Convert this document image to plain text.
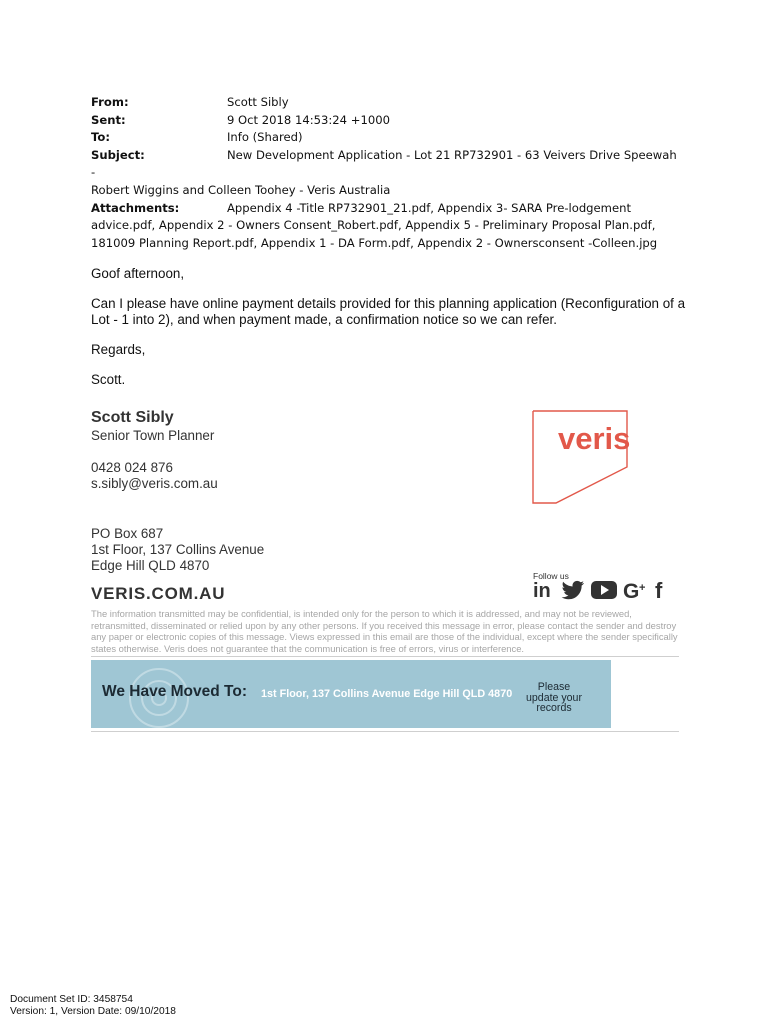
From:	Scott Sibly
Sent:	9 Oct 2018 14:53:24 +1000
To:	Info (Shared)
Subject:	New Development Application - Lot 21 RP732901 - 63 Veivers Drive Speewah -
Robert Wiggins and Colleen Toohey - Veris Australia
Attachments:	Appendix 4 -Title RP732901_21.pdf, Appendix 3- SARA Pre-lodgement
advice.pdf, Appendix 2 - Owners Consent_Robert.pdf, Appendix 5 - Preliminary Proposal Plan.pdf,
181009 Planning Report.pdf, Appendix 1 - DA Form.pdf, Appendix 2 - Ownersconsent -Colleen.jpg

Goof afternoon,

Can I please have online payment details provided for this planning application (Reconfiguration of a Lot - 1 into 2), and when payment made, a confirmation notice so we can refer.

Regards,

Scott.

Scott Sibly
Senior Town Planner
0428 024 876
s.sibly@veris.com.au
PO Box 687
1st Floor, 137 Collins Avenue
Edge Hill QLD 4870
VERIS.COM.AU
veris
Follow us
in	G + f
The information transmitted may be confidential, is intended only for the person to which it is addressed, and may not be reviewed, retransmitted, disseminated or relied upon by any other persons. If you received this message in error, please contact the sender and destroy any paper or electronic copies of this message. Views expressed in this email are those of the individual, except where the sender specifically states otherwise. Veris does not guarantee that the communication is free of errors, virus or interference.
We Have Moved To: 1st Floor, 137 Collins Avenue Edge Hill QLD 4870
Please
update your records
Document Set ID: 3458754
Version: 1, Version Date: 09/10/2018
